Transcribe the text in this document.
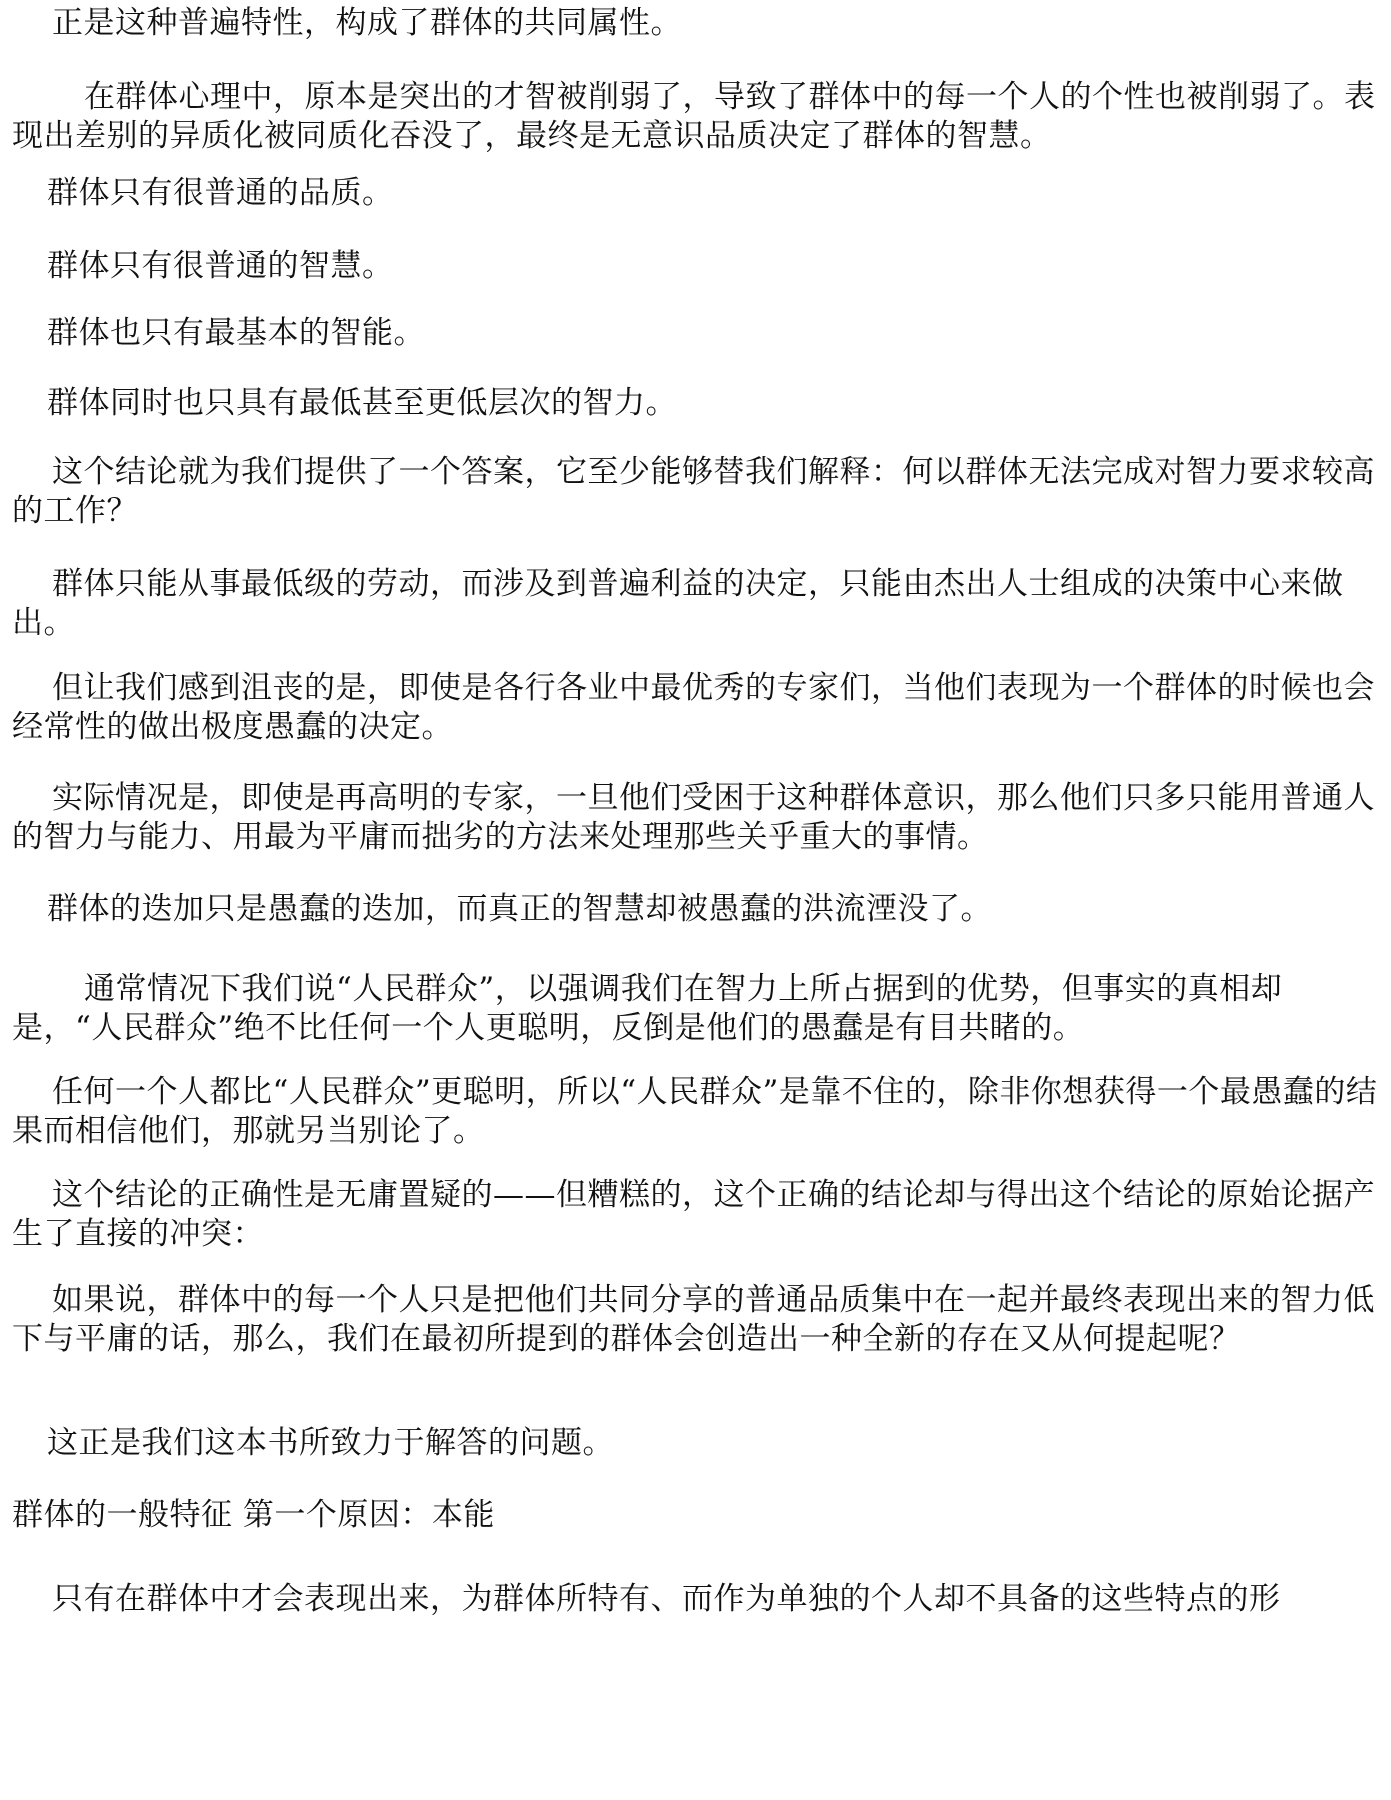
正是这种普遍特性，构成了群体的共同属性。

在群体心理中，原本是突出的才智被削弱了，导致了群体中的每一个人的个性也被削弱了。表现出差别的异质化被同质化吞没了，最终是无意识品质决定了群体的智慧。

群体只有很普通的品质。

群体只有很普通的智慧。

群体也只有最基本的智能。

群体同时也只具有最低甚至更低层次的智力。

这个结论就为我们提供了一个答案，它至少能够替我们解释：何以群体无法完成对智力要求较高的工作？

群体只能从事最低级的劳动，而涉及到普遍利益的决定，只能由杰出人士组成的决策中心来做出。

但让我们感到沮丧的是，即使是各行各业中最优秀的专家们，当他们表现为一个群体的时候也会经常性的做出极度愚蠢的决定。

实际情况是，即使是再高明的专家，一旦他们受困于这种群体意识，那么他们只多只能用普通人的智力与能力、用最为平庸而拙劣的方法来处理那些关乎重大的事情。

群体的迭加只是愚蠢的迭加，而真正的智慧却被愚蠢的洪流湮没了。

通常情况下我们说“人民群众”，以强调我们在智力上所占据到的优势，但事实的真相却是，“人民群众”绝不比任何一个人更聪明，反倒是他们的愚蠢是有目共睹的。

任何一个人都比“人民群众”更聪明，所以“人民群众”是靠不住的，除非你想获得一个最愚蠢的结果而相信他们，那就另当别论了。

这个结论的正确性是无庸置疑的——但糟糕的，这个正确的结论却与得出这个结论的原始论据产生了直接的冲突：

如果说，群体中的每一个人只是把他们共同分享的普通品质集中在一起并最终表现出来的智力低下与平庸的话，那么，我们在最初所提到的群体会创造出一种全新的存在又从何提起呢？

这正是我们这本书所致力于解答的问题。

群体的一般特征 第一个原因：本能

只有在群体中才会表现出来，为群体所特有、而作为单独的个人却不具备的这些特点的形
